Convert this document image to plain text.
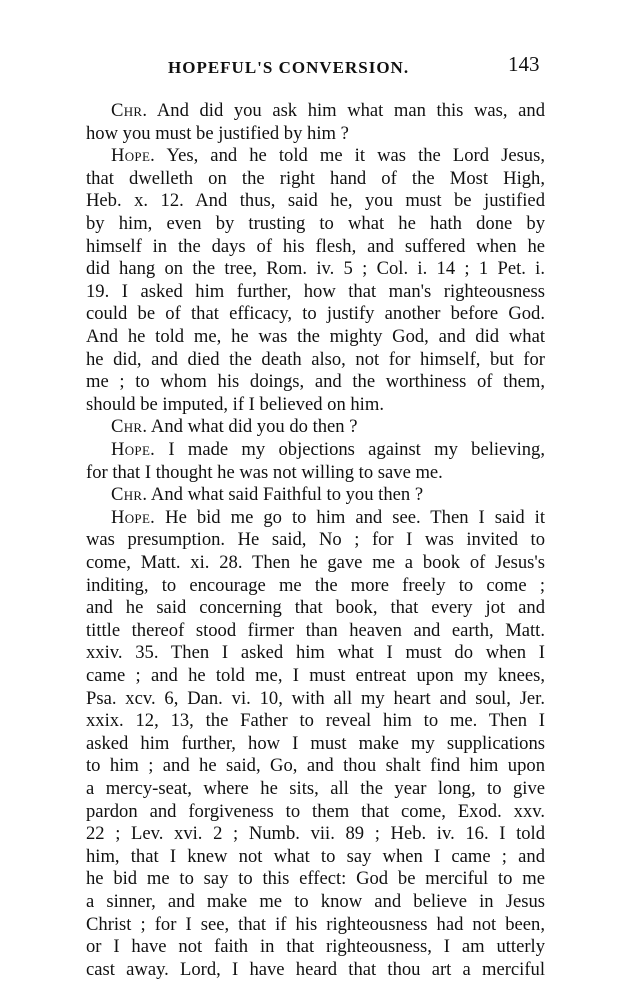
HOPEFUL'S CONVERSION.	143
Chr. And did you ask him what man this was, and
how you must be justified by him ?
Hope. Yes, and he told me it was the Lord Jesus,
that dwelleth on the right hand of the Most High,
Heb. x. 12. And thus, said he, you must be justified
by him, even by trusting to what he hath done by
himself in the days of his flesh, and suffered when he
did hang on the tree, Rom. iv. 5 ; Col. i. 14 ; 1 Pet. i.
19. I asked him further, how that man's righteousness
could be of that efficacy, to justify another before God.
And he told me, he was the mighty God, and did what
he did, and died the death also, not for himself, but for
me ; to whom his doings, and the worthiness of them,
should be imputed, if I believed on him.
Chr. And what did you do then ?
Hope. I made my objections against my believing,
for that I thought he was not willing to save me.
Chr. And what said Faithful to you then ?
Hope. He bid me go to him and see. Then I said it
was presumption. He said, No ; for I was invited to
come, Matt. xi. 28. Then he gave me a book of Jesus's
inditing, to encourage me the more freely to come ;
and he said concerning that book, that every jot and
tittle thereof stood firmer than heaven and earth, Matt.
xxiv. 35. Then I asked him what I must do when I
came ; and he told me, I must entreat upon my knees,
Psa. xcv. 6, Dan. vi. 10, with all my heart and soul, Jer.
xxix. 12, 13, the Father to reveal him to me. Then I
asked him further, how I must make my supplications
to him ; and he said, Go, and thou shalt find him upon
a mercy-seat, where he sits, all the year long, to give
pardon and forgiveness to them that come, Exod. xxv.
22 ; Lev. xvi. 2 ; Numb. vii. 89 ; Heb. iv. 16. I told
him, that I knew not what to say when I came ; and
he bid me to say to this effect: God be merciful to me
a sinner, and make me to know and believe in Jesus
Christ ; for I see, that if his righteousness had not been,
or I have not faith in that righteousness, I am utterly
cast away. Lord, I have heard that thou art a merciful
